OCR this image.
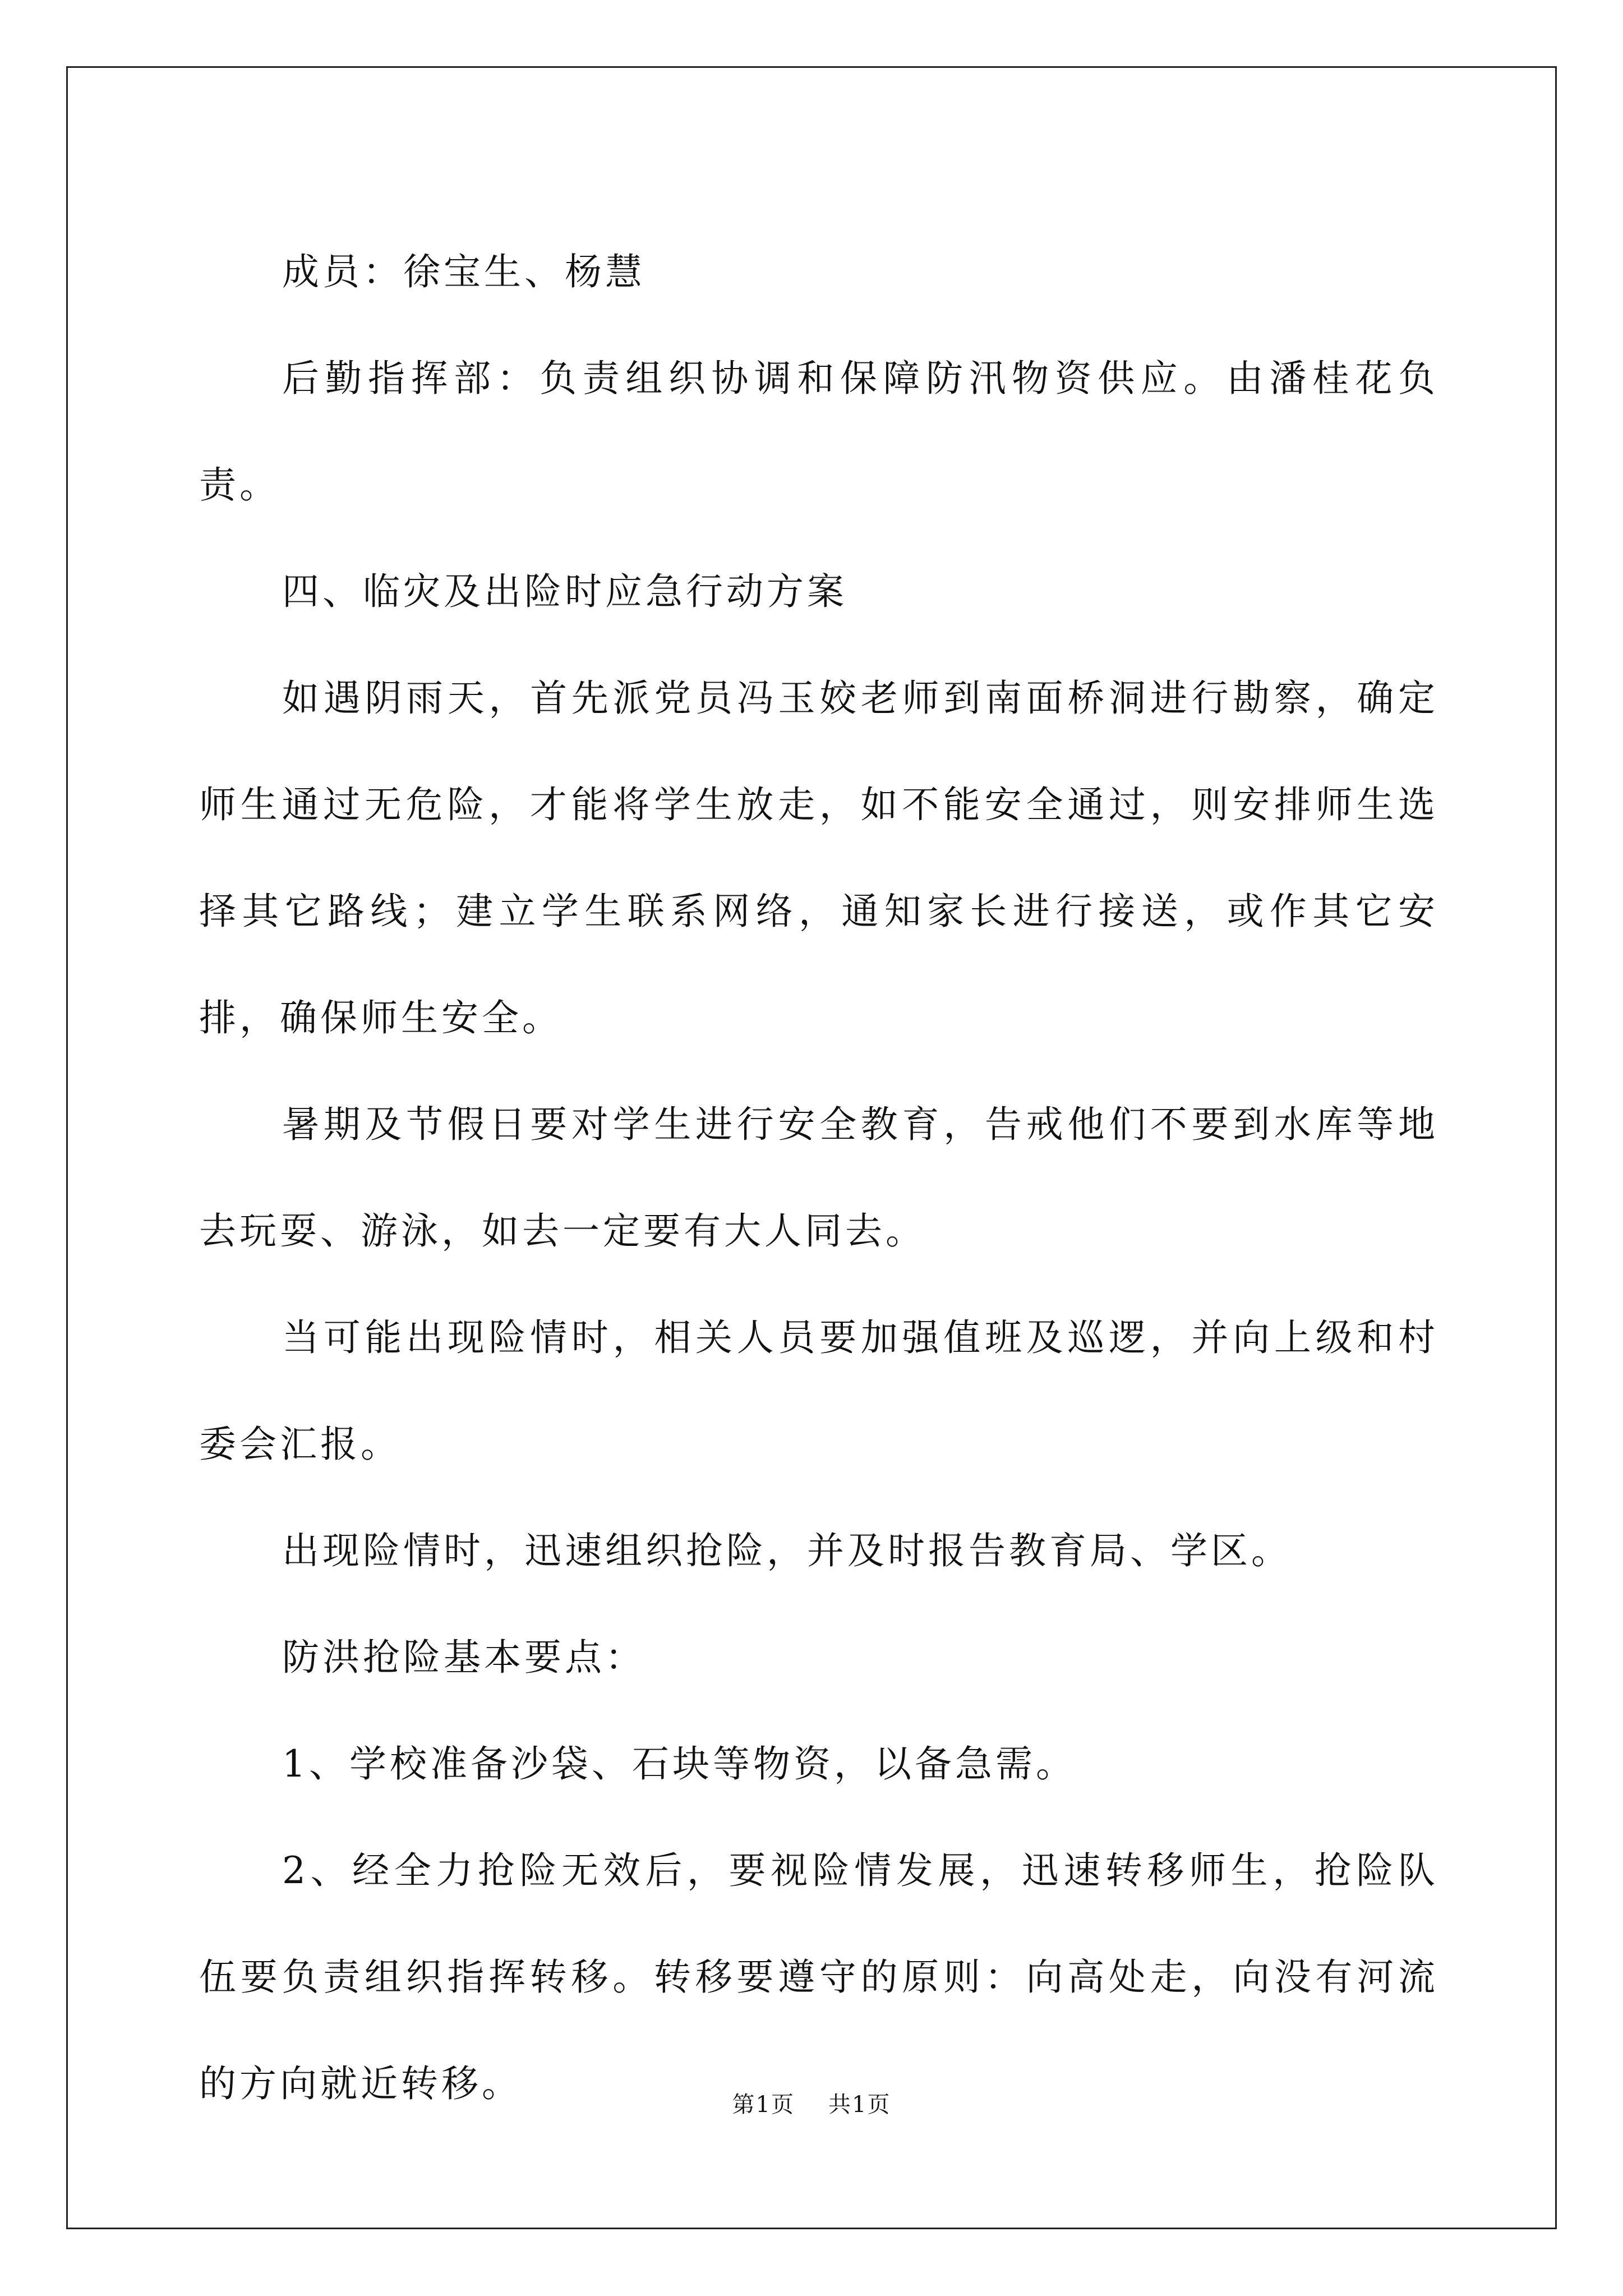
成员：徐宝生、杨慧

后勤指挥部：负责组织协调和保障防汛物资供应。由潘桂花负责。

四、临灾及出险时应急行动方案

如遇阴雨天，首先派党员冯玉姣老师到南面桥洞进行勘察，确定师生通过无危险，才能将学生放走，如不能安全通过，则安排师生选择其它路线；建立学生联系网络，通知家长进行接送，或作其它安排，确保师生安全。

暑期及节假日要对学生进行安全教育，告戒他们不要到水库等地去玩耍、游泳，如去一定要有大人同去。

当可能出现险情时，相关人员要加强值班及巡逻，并向上级和村委会汇报。

出现险情时，迅速组织抢险，并及时报告教育局、学区。

防洪抢险基本要点：

1、学校准备沙袋、石块等物资，以备急需。

2、经全力抢险无效后，要视险情发展，迅速转移师生，抢险队伍要负责组织指挥转移。转移要遵守的原则：向高处走，向没有河流的方向就近转移。	第1页 共1页
